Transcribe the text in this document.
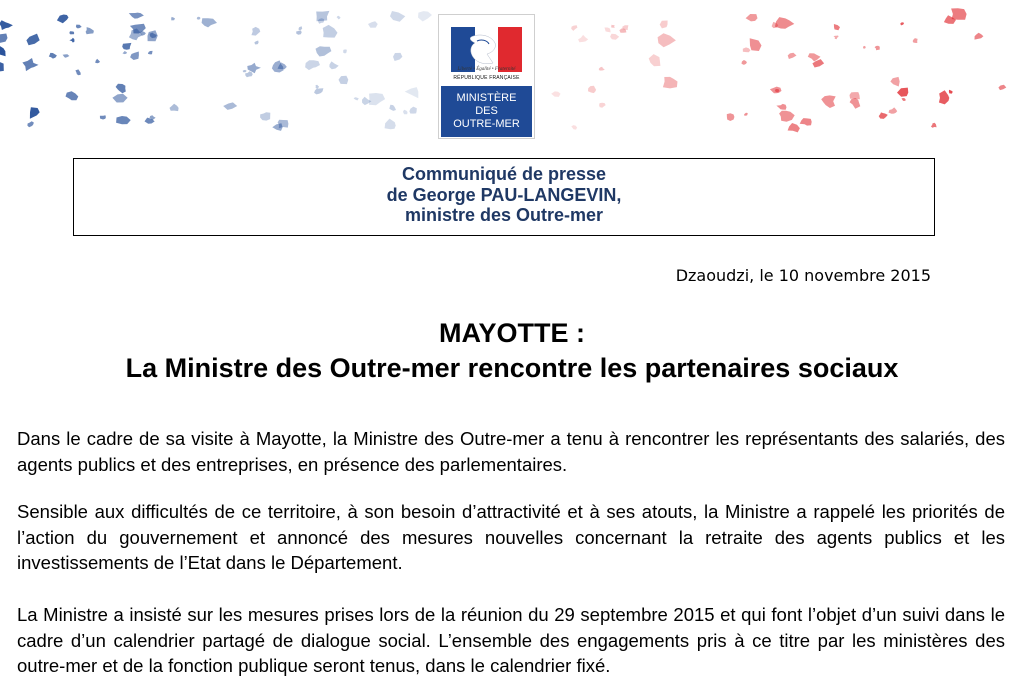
Liberté • Égalité • Fraternité
RÉPUBLIQUE FRANÇAISE
MINISTÈRE
DES
OUTRE-MER
Communiqué de presse
de George PAU-LANGEVIN,
ministre des Outre-mer
Dzaoudzi, le 10 novembre 2015
MAYOTTE :
La Ministre des Outre-mer rencontre les partenaires sociaux

Dans le cadre de sa visite à Mayotte, la Ministre des Outre-mer a tenu à rencontrer les représentants des salariés, des agents publics et des entreprises, en présence des parlementaires.

Sensible aux difficultés de ce territoire, à son besoin d’attractivité et à ses atouts, la Ministre a rappelé les priorités de l’action du gouvernement et annoncé des mesures nouvelles concernant la retraite des agents publics et les investissements de l’Etat dans le Département.

La Ministre a insisté sur les mesures prises lors de la réunion du 29 septembre 2015 et qui font l’objet d’un suivi dans le cadre d’un calendrier partagé de dialogue social. L’ensemble des engagements pris à ce titre par les ministères des outre-mer et de la fonction publique seront tenus, dans le calendrier fixé.
